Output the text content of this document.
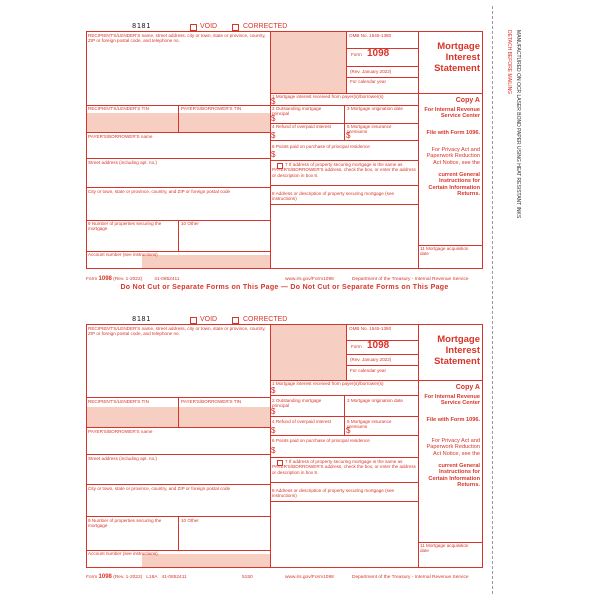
8181	VOID	CORRECTED
RECIPIENT'S/LENDER'S name, street address, city or town, state or province, country, ZIP or foreign postal code, and telephone no.
OMB No. 1545-1380
Form 1098
(Rev. January 2022)
For calendar year
Mortgage Interest Statement
1 Mortgage interest received from payer(s)/borrower(s)
$	Copy A
For Internal Revenue Service Center
File with Form 1096.
For Privacy Act and Paperwork Reduction Act Notice, see the
current General Instructions for Certain Information Returns.
RECIPIENT'S/LENDER'S TIN	PAYER'S/BORROWER'S TIN	2 Outstanding mortgage principal
$
3 Mortgage origination date
4 Refund of overpaid interest
$
5 Mortgage insurance premiums
$
PAYER'S/BORROWER'S name
6 Points paid on purchase of principal residence
$
Street address (including apt. no.)	7 If address of property securing mortgage is the same as PAYER'S/BORROWER'S address, check the box, or enter the address or description in box 8.
City or town, state or province, country, and ZIP or foreign postal code	8 Address or description of property securing mortgage (see instructions)
9 Number of properties securing the mortgage
10 Other
Account number (see instructions)
11 Mortgage acquisition date
Form 1098 (Rev. 1-2022)	41-0852411	www.irs.gov/Form1098	Department of the Treasury - Internal Revenue Service
Do Not Cut or Separate Forms on This Page — Do Not Cut or Separate Forms on This Page
8181	VOID	CORRECTED
RECIPIENT'S/LENDER'S name, street address, city or town, state or province, country, ZIP or foreign postal code, and telephone no.
OMB No. 1545-1380
Form 1098
(Rev. January 2022)
For calendar year
Mortgage Interest Statement
1 Mortgage interest received from payer(s)/borrower(s)
$	Copy A
For Internal Revenue Service Center
File with Form 1096.
For Privacy Act and Paperwork Reduction Act Notice, see the
current General Instructions for Certain Information Returns.
RECIPIENT'S/LENDER'S TIN	PAYER'S/BORROWER'S TIN	2 Outstanding mortgage principal
$
3 Mortgage origination date
4 Refund of overpaid interest
$
5 Mortgage insurance premiums
$
PAYER'S/BORROWER'S name
6 Points paid on purchase of principal residence
$
Street address (including apt. no.)
7 If address of property securing mortgage is the same as PAYER'S/BORROWER'S address, check the box, or enter the address or description in box 8.
City or town, state or province, country, and ZIP or foreign postal code	8 Address or description of property securing mortgage (see instructions)
9 Number of properties securing the mortgage
10 Other
Account number (see instructions)
11 Mortgage acquisition date
Form 1098 (Rev. 1-2022) L18A 41-0852411	5150	www.irs.gov/Form1098	Department of the Treasury - Internal Revenue Service
DETACH BEFORE MAILING MANUFACTURED ON OCR LASER BOND PAPER USING HEAT RESISTANT INKS
